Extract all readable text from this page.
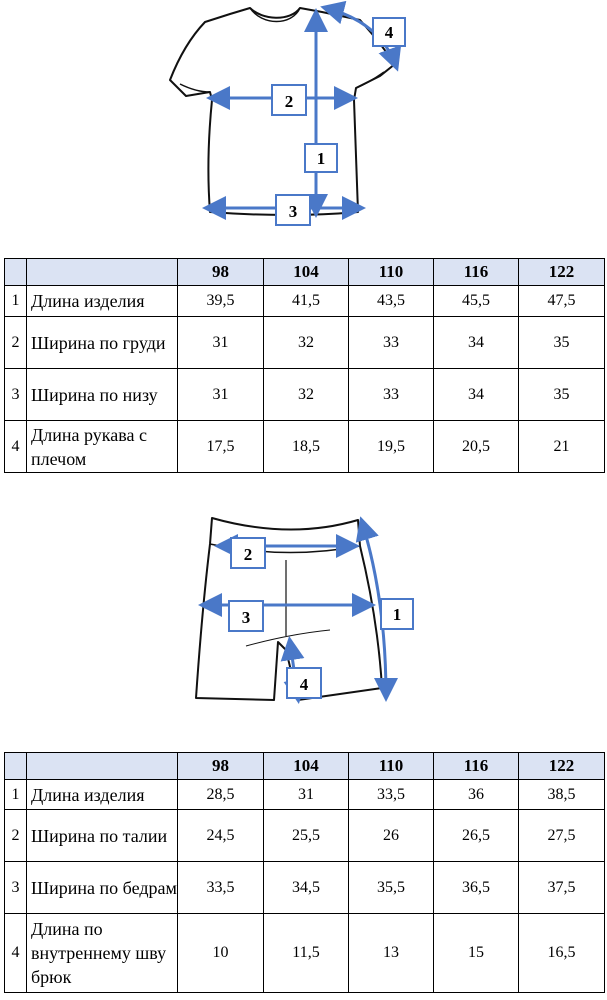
1
2
3
4
		98	104	110	116	122
1	Длина изделия	39,5	41,5	43,5	45,5	47,5
2	Ширина по груди	31	32	33	34	35
3	Ширина по низу	31	32	33	34	35
4	Длина рукава с плечом	17,5	18,5	19,5	20,5	21
1
2
3
4
		98	104	110	116	122
1	Длина изделия	28,5	31	33,5	36	38,5
2	Ширина по талии	24,5	25,5	26	26,5	27,5
3	Ширина по бедрам	33,5	34,5	35,5	36,5	37,5
4	Длина по внутреннему шву брюк	10	11,5	13	15	16,5
